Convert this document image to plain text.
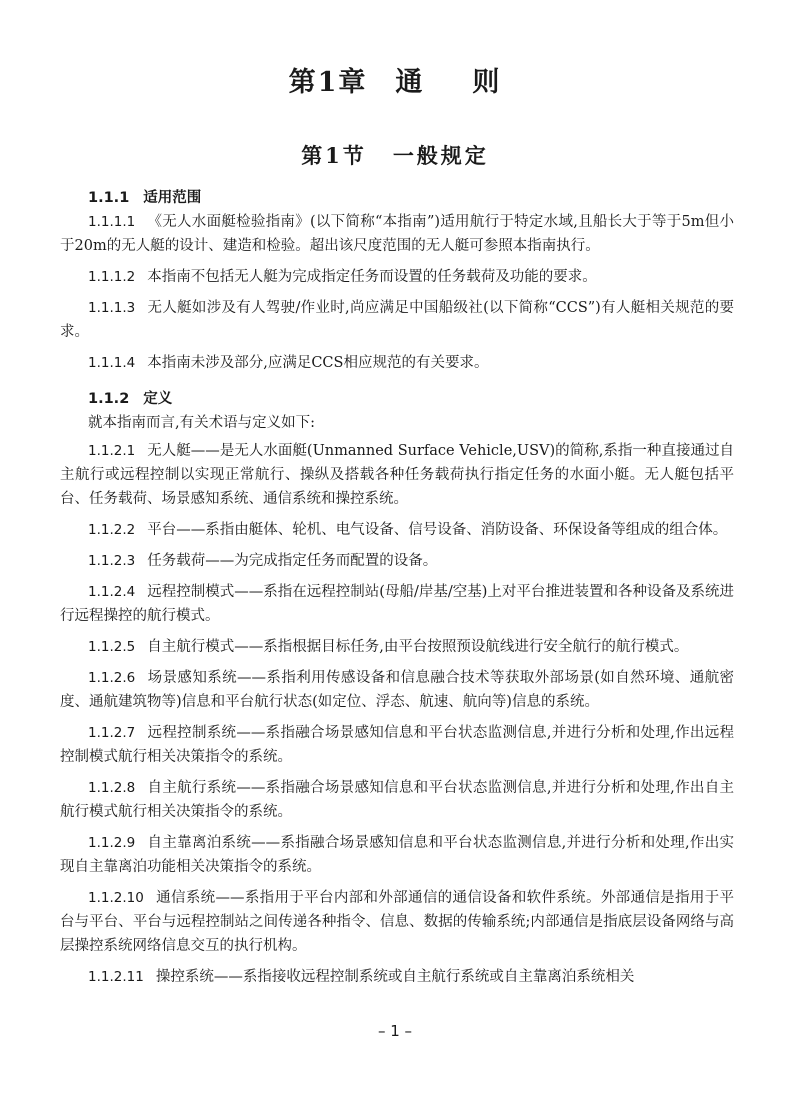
第1章 通 则
第1节 一般规定

1.1.1 适用范围

1.1.1.1 《无人水面艇检验指南》(以下简称“本指南”)适用航行于特定水域,且船长大于等于5m但小于20m的无人艇的设计、建造和检验。超出该尺度范围的无人艇可参照本指南执行。

1.1.1.2 本指南不包括无人艇为完成指定任务而设置的任务载荷及功能的要求。

1.1.1.3 无人艇如涉及有人驾驶/作业时,尚应满足中国船级社(以下简称“CCS”)有人艇相关规范的要求。

1.1.1.4 本指南未涉及部分,应满足CCS相应规范的有关要求。

1.1.2 定义

就本指南而言,有关术语与定义如下:

1.1.2.1 无人艇——是无人水面艇(Unmanned Surface Vehicle,USV)的简称,系指一种直接通过自主航行或远程控制以实现正常航行、操纵及搭载各种任务载荷执行指定任务的水面小艇。无人艇包括平台、任务载荷、场景感知系统、通信系统和操控系统。

1.1.2.2 平台——系指由艇体、轮机、电气设备、信号设备、消防设备、环保设备等组成的组合体。

1.1.2.3 任务载荷——为完成指定任务而配置的设备。

1.1.2.4 远程控制模式——系指在远程控制站(母船/岸基/空基)上对平台推进装置和各种设备及系统进行远程操控的航行模式。

1.1.2.5 自主航行模式——系指根据目标任务,由平台按照预设航线进行安全航行的航行模式。

1.1.2.6 场景感知系统——系指利用传感设备和信息融合技术等获取外部场景(如自然环境、通航密度、通航建筑物等)信息和平台航行状态(如定位、浮态、航速、航向等)信息的系统。

1.1.2.7 远程控制系统——系指融合场景感知信息和平台状态监测信息,并进行分析和处理,作出远程控制模式航行相关决策指令的系统。

1.1.2.8 自主航行系统——系指融合场景感知信息和平台状态监测信息,并进行分析和处理,作出自主航行模式航行相关决策指令的系统。

1.1.2.9 自主靠离泊系统——系指融合场景感知信息和平台状态监测信息,并进行分析和处理,作出实现自主靠离泊功能相关决策指令的系统。

1.1.2.10 通信系统——系指用于平台内部和外部通信的通信设备和软件系统。外部通信是指用于平台与平台、平台与远程控制站之间传递各种指令、信息、数据的传输系统;内部通信是指底层设备网络与高层操控系统网络信息交互的执行机构。

1.1.2.11 操控系统——系指接收远程控制系统或自主航行系统或自主靠离泊系统相关

– 1 –
